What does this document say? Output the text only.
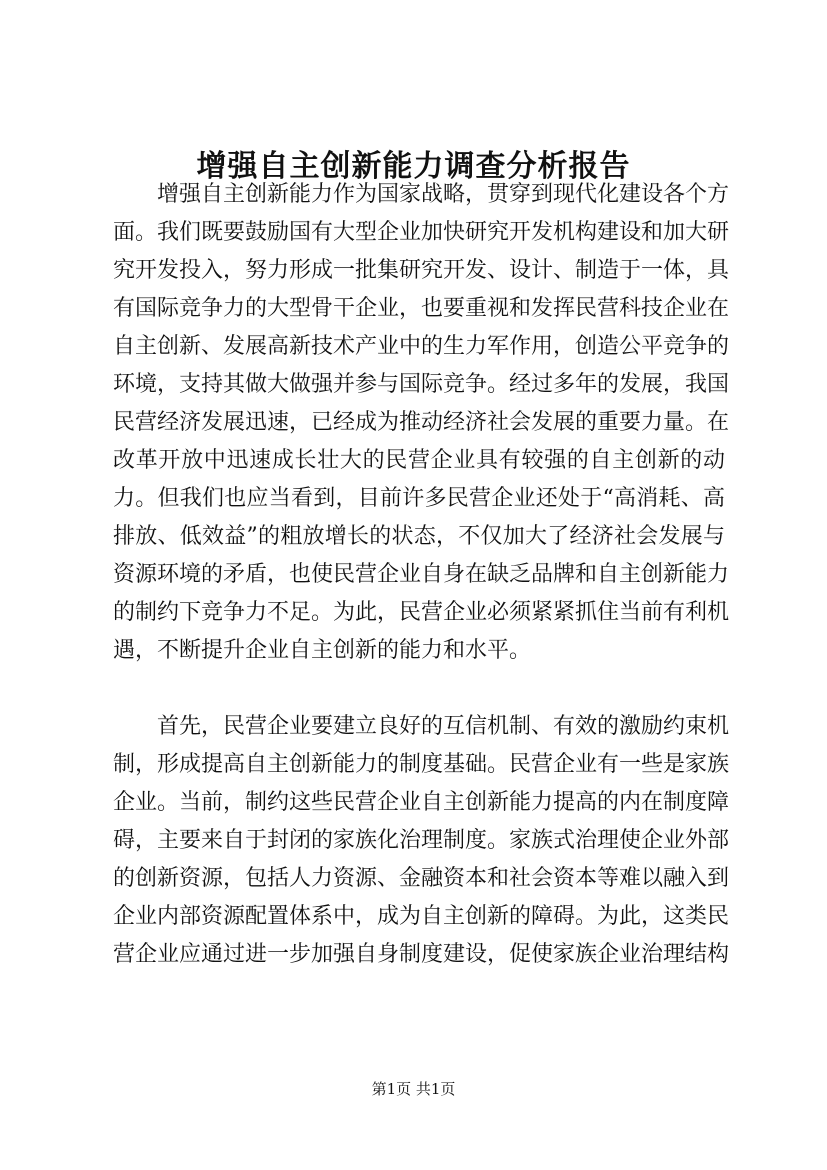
增强自主创新能力调查分析报告
增强自主创新能力作为国家战略，贯穿到现代化建设各个方
面。我们既要鼓励国有大型企业加快研究开发机构建设和加大研
究开发投入，努力形成一批集研究开发、设计、制造于一体，具
有国际竞争力的大型骨干企业，也要重视和发挥民营科技企业在
自主创新、发展高新技术产业中的生力军作用，创造公平竞争的
环境，支持其做大做强并参与国际竞争。经过多年的发展，我国
民营经济发展迅速，已经成为推动经济社会发展的重要力量。在
改革开放中迅速成长壮大的民营企业具有较强的自主创新的动
力。但我们也应当看到，目前许多民营企业还处于“高消耗、高
排放、低效益”的粗放增长的状态，不仅加大了经济社会发展与
资源环境的矛盾，也使民营企业自身在缺乏品牌和自主创新能力
的制约下竞争力不足。为此，民营企业必须紧紧抓住当前有利机
遇，不断提升企业自主创新的能力和水平。
首先，民营企业要建立良好的互信机制、有效的激励约束机
制，形成提高自主创新能力的制度基础。民营企业有一些是家族
企业。当前，制约这些民营企业自主创新能力提高的内在制度障
碍，主要来自于封闭的家族化治理制度。家族式治理使企业外部
的创新资源，包括人力资源、金融资本和社会资本等难以融入到
企业内部资源配置体系中，成为自主创新的障碍。为此，这类民
营企业应通过进一步加强自身制度建设，促使家族企业治理结构
第1页 共1页
